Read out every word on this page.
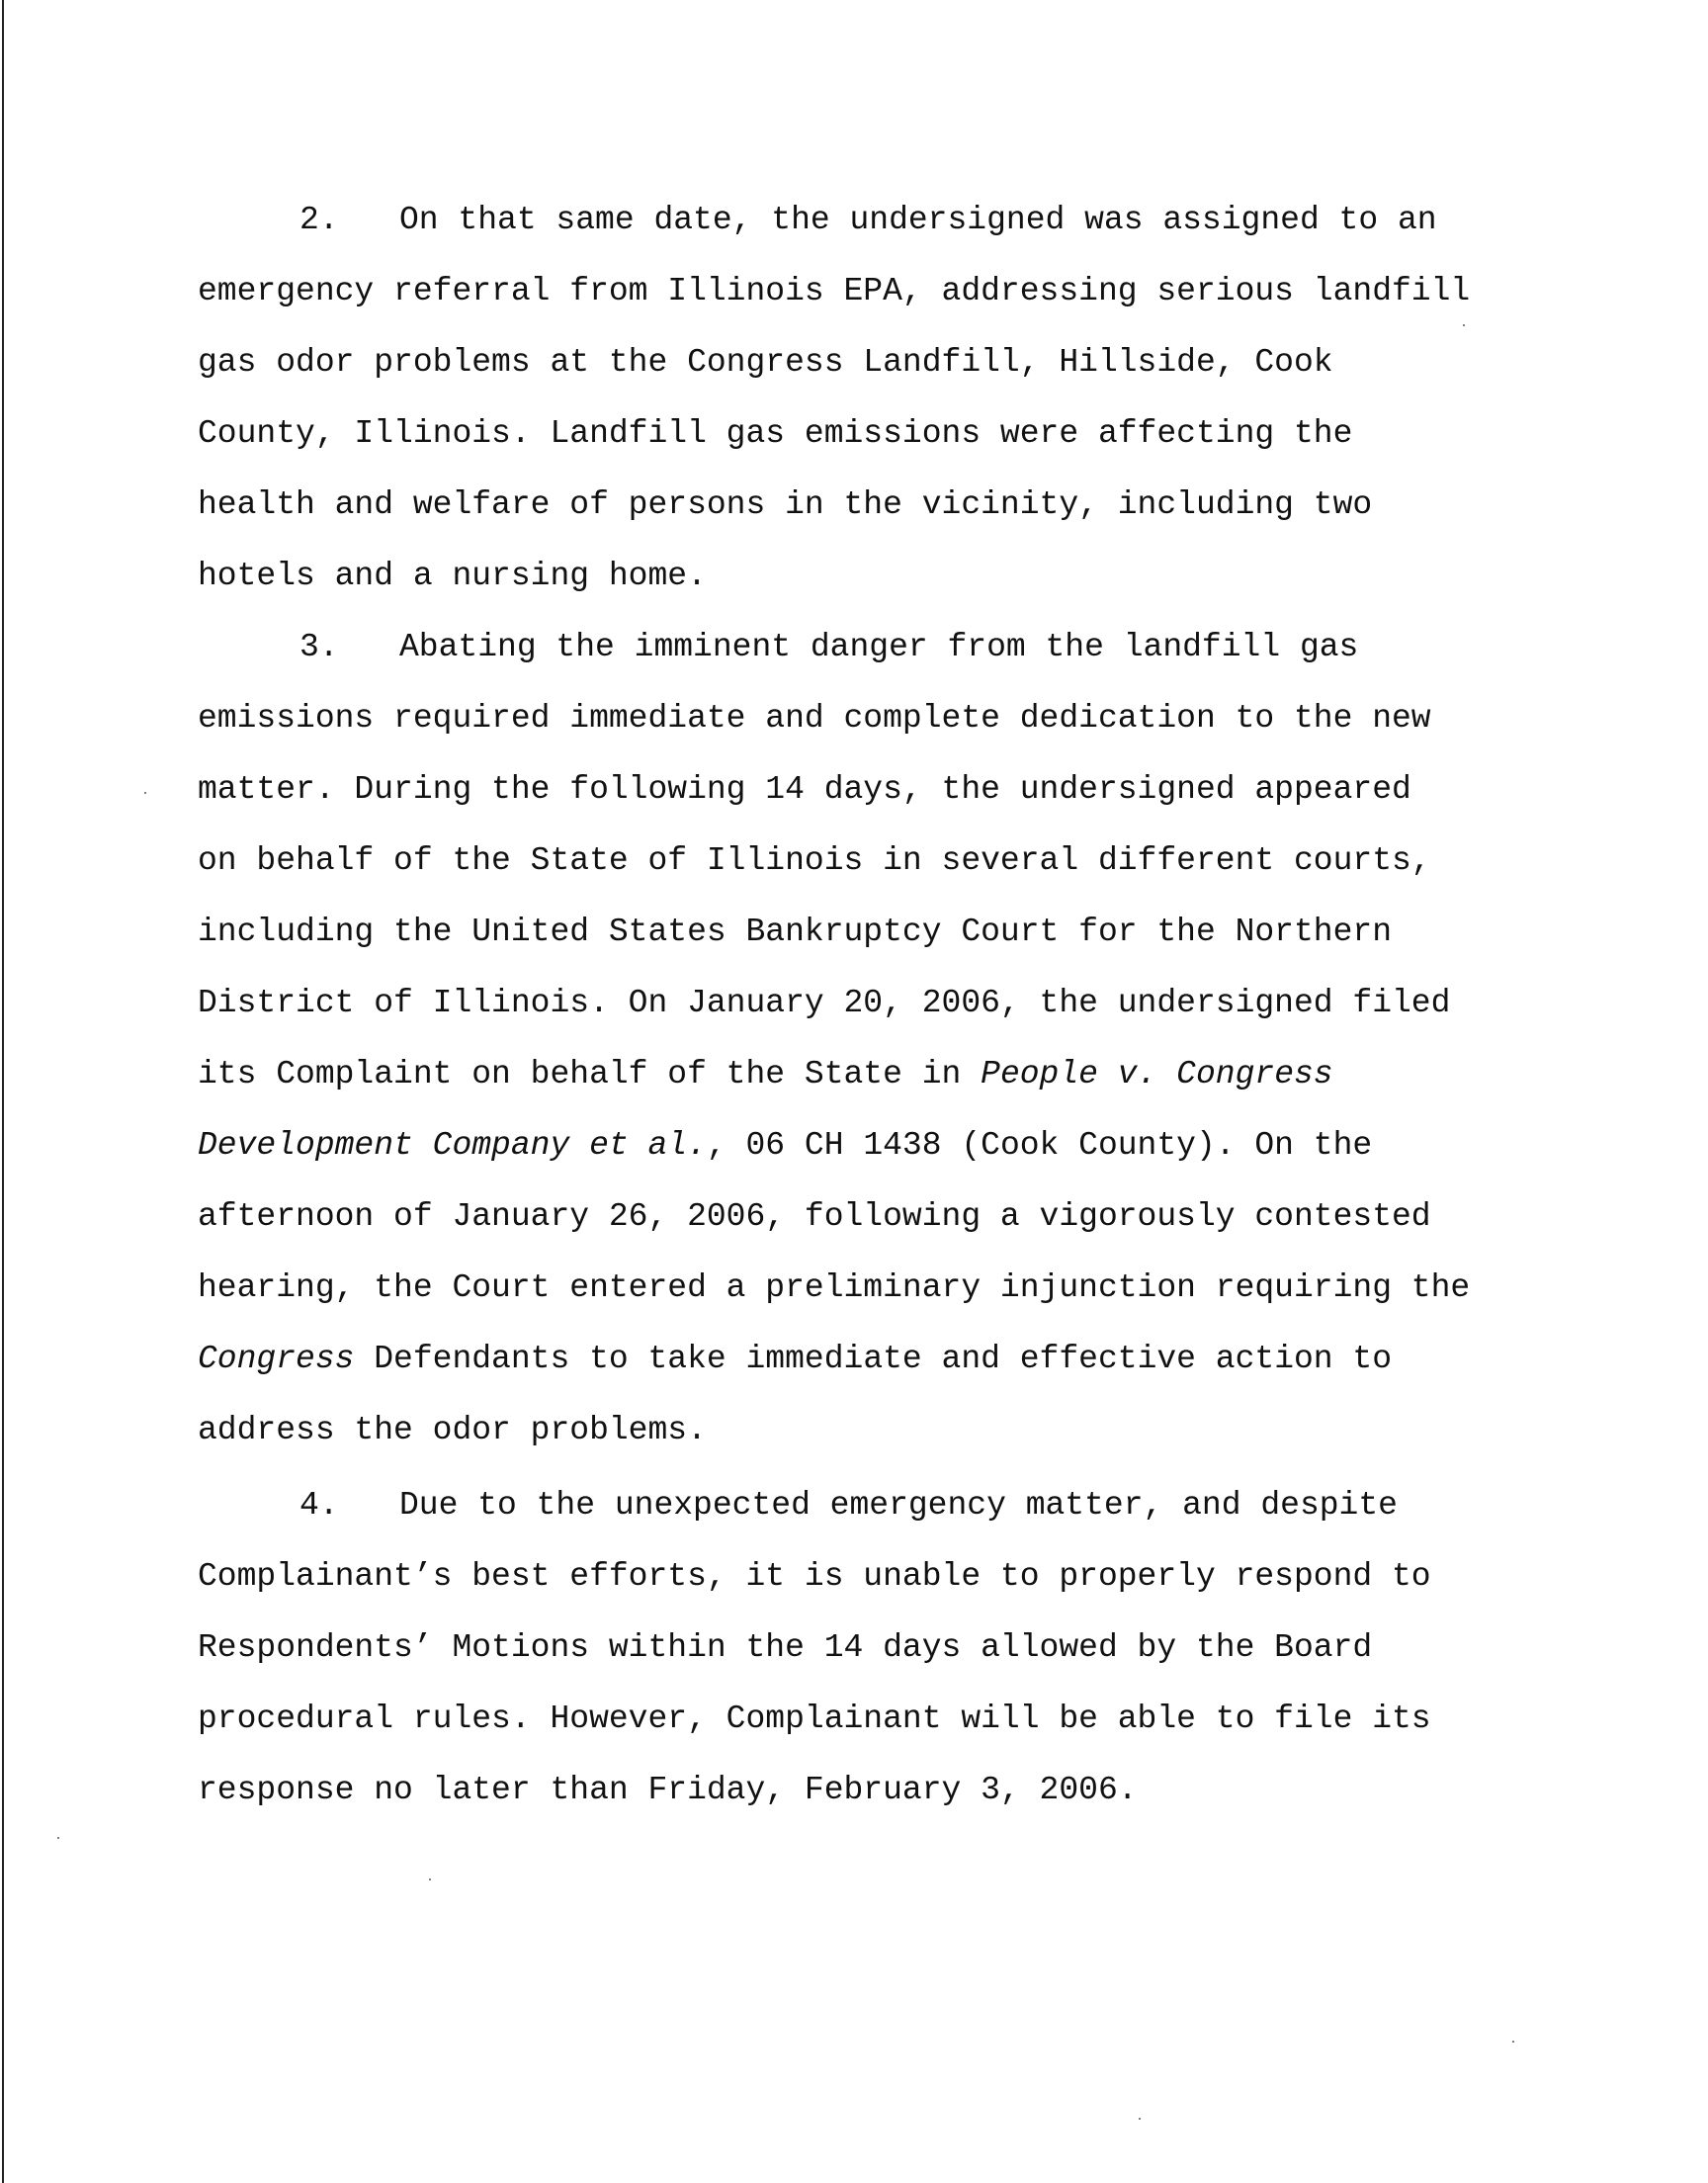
2. On that same date, the undersigned was assigned to an
emergency referral from Illinois EPA, addressing serious landfill
gas odor problems at the Congress Landfill, Hillside, Cook
County, Illinois. Landfill gas emissions were affecting the
health and welfare of persons in the vicinity, including two
hotels and a nursing home.
3. Abating the imminent danger from the landfill gas
emissions required immediate and complete dedication to the new
matter. During the following 14 days, the undersigned appeared
on behalf of the State of Illinois in several different courts,
including the United States Bankruptcy Court for the Northern
District of Illinois. On January 20, 2006, the undersigned filed
its Complaint on behalf of the State in People v. Congress
Development Company et al., 06 CH 1438 (Cook County). On the
afternoon of January 26, 2006, following a vigorously contested
hearing, the Court entered a preliminary injunction requiring the
Congress Defendants to take immediate and effective action to
address the odor problems.
4. Due to the unexpected emergency matter, and despite
Complainant’s best efforts, it is unable to properly respond to
Respondents’ Motions within the 14 days allowed by the Board
procedural rules. However, Complainant will be able to file its
response no later than Friday, February 3, 2006.
